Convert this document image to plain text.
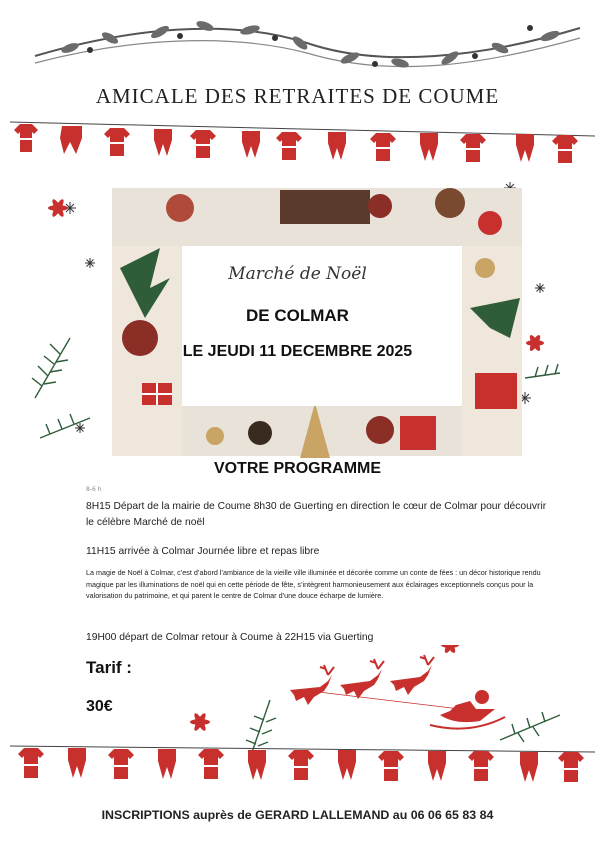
AMICALE DES RETRAITES DE COUME
Marché de Noël
DE COLMAR
LE JEUDI 11 DECEMBRE 2025
VOTRE PROGRAMME
8-6 h
8H15 Départ de la mairie de Coume 8h30 de Guerting en direction le cœur de Colmar pour découvrir le célèbre Marché de noël
11H15 arrivée à Colmar Journée libre et repas libre
La magie de Noël à Colmar, c’est d’abord l’ambiance de la vieille ville illuminée et décorée comme un conte de fées : un décor historique rendu magique par les illuminations de noël qui en cette période de fête, s’intègrent harmonieusement aux éclairages exceptionnels conçus pour la valorisation du patrimoine, et qui parent le centre de Colmar d’une douce écharpe de lumière.
19H00 départ de Colmar retour à Coume à 22H15 via Guerting
Tarif :
30€
INSCRIPTIONS auprès de GERARD LALLEMAND au 06 06 65 83 84
